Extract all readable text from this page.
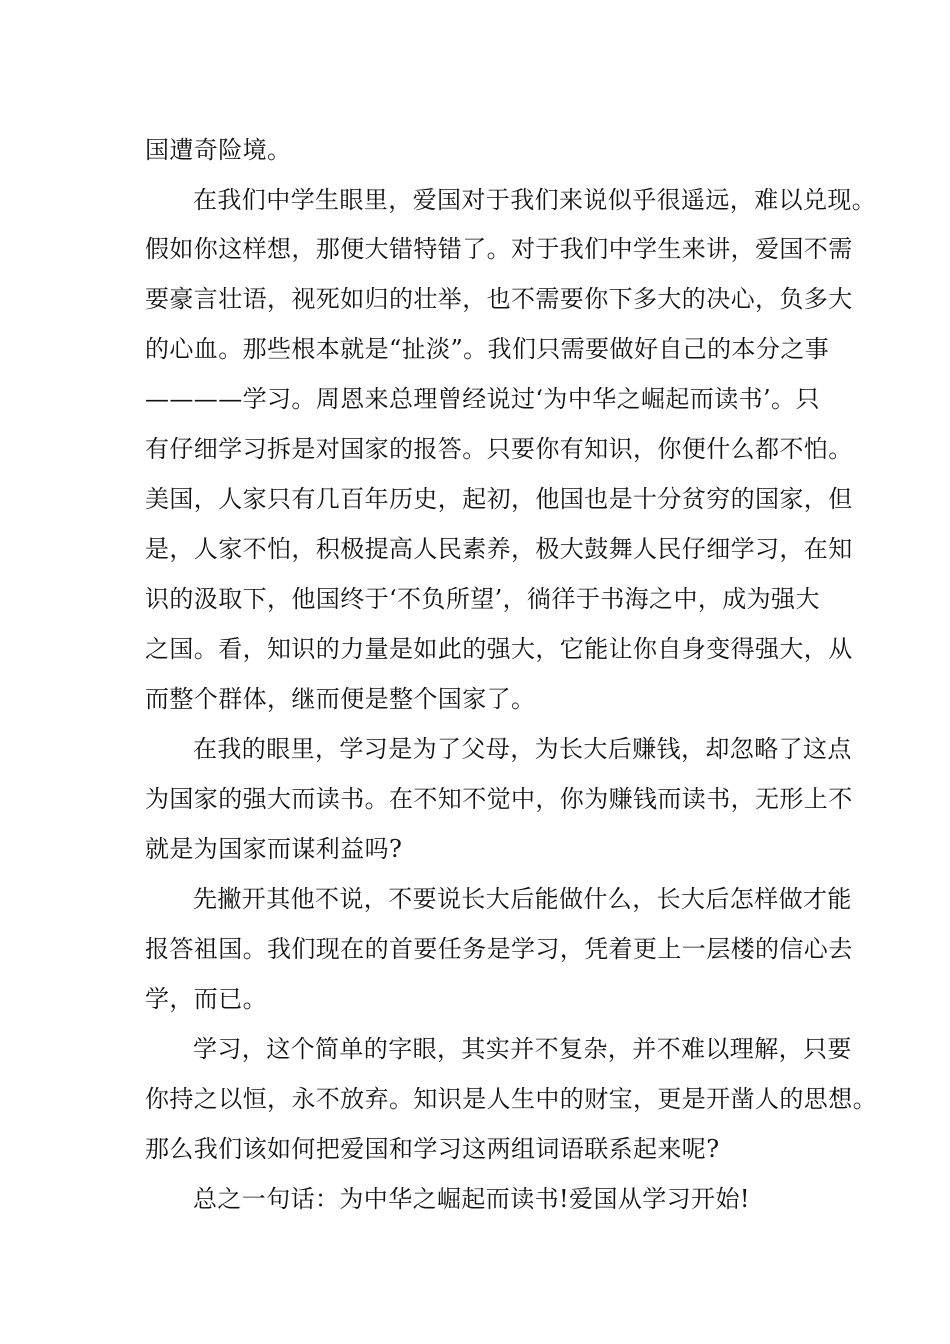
国遭奇险境。
在我们中学生眼里，爱国对于我们来说似乎很遥远，难以兑现。
假如你这样想，那便大错特错了。对于我们中学生来讲，爱国不需
要豪言壮语，视死如归的壮举，也不需要你下多大的决心，负多大
的心血。那些根本就是“扯淡”。我们只需要做好自己的本分之事
————学习。周恩来总理曾经说过‘为中华之崛起而读书’。只
有仔细学习拆是对国家的报答。只要你有知识，你便什么都不怕。
美国，人家只有几百年历史，起初，他国也是十分贫穷的国家，但
是，人家不怕，积极提高人民素养，极大鼓舞人民仔细学习，在知
识的汲取下，他国终于‘不负所望’，徜徉于书海之中，成为强大
之国。看，知识的力量是如此的强大，它能让你自身变得强大，从
而整个群体，继而便是整个国家了。
在我的眼里，学习是为了父母，为长大后赚钱，却忽略了这点
为国家的强大而读书。在不知不觉中，你为赚钱而读书，无形上不
就是为国家而谋利益吗?
先撇开其他不说，不要说长大后能做什么，长大后怎样做才能
报答祖国。我们现在的首要任务是学习，凭着更上一层楼的信心去
学，而已。
学习，这个简单的字眼，其实并不复杂，并不难以理解，只要
你持之以恒，永不放弃。知识是人生中的财宝，更是开凿人的思想。
那么我们该如何把爱国和学习这两组词语联系起来呢?
总之一句话：为中华之崛起而读书!爱国从学习开始!
